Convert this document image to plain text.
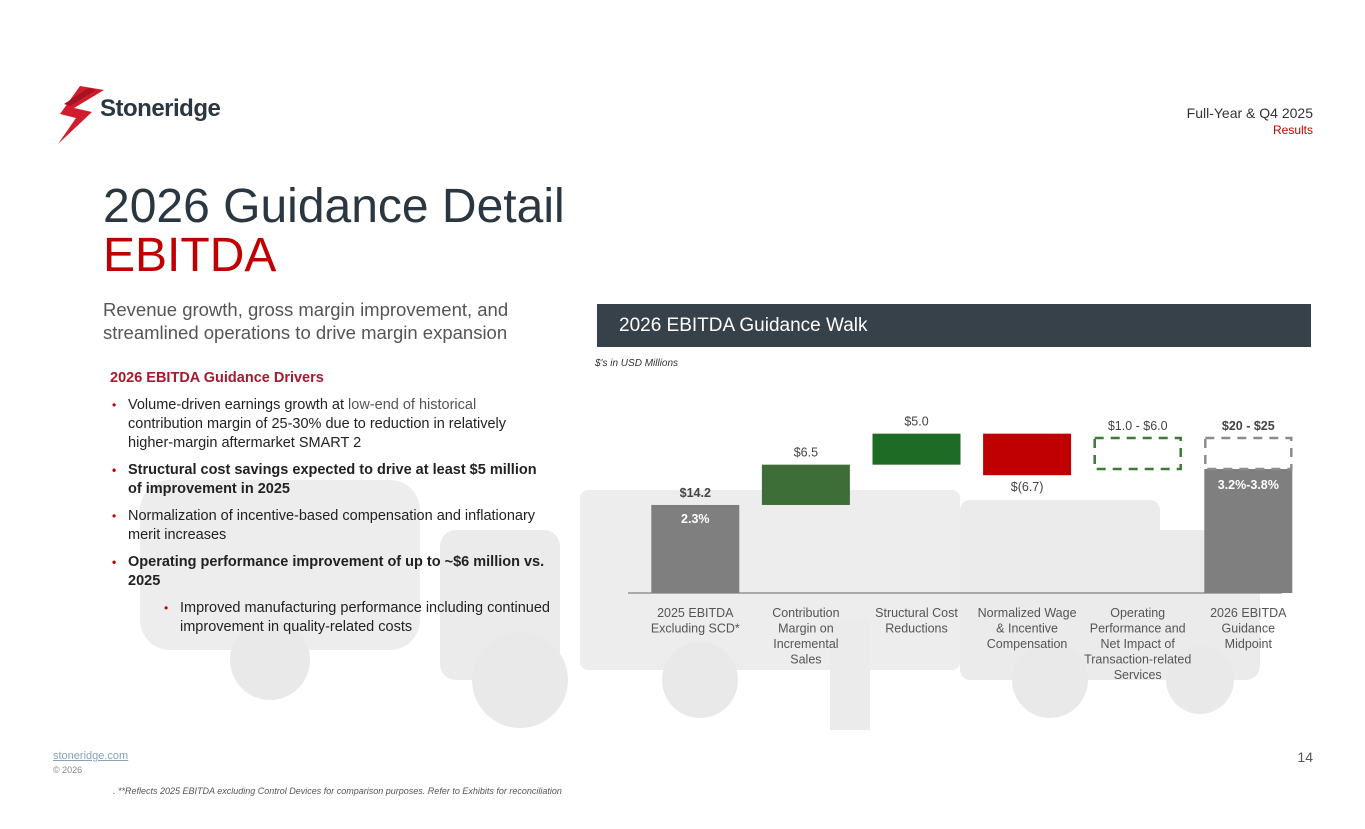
Stoneridge	Full-Year & Q4 2025
Results
2026 Guidance Detail
EBITDA
Revenue growth, gross margin improvement, and streamlined operations to drive margin expansion
2026 EBITDA Guidance Drivers
• Volume-driven earnings growth at low-end of historical contribution margin of 25-30% due to reduction in relatively higher-margin aftermarket SMART 2
• Structural cost savings expected to drive at least $5 million of improvement in 2025
• Normalization of incentive-based compensation and inflationary merit increases
• Operating performance improvement of up to ~$6 million vs. 2025
• Improved manufacturing performance including continued improvement in quality-related costs
2026 EBITDA Guidance Walk
$'s in USD Millions
$14.2
2.3%
2025 EBITDA
Excluding SCD*
$6.5
Contribution
Margin on
Incremental
Sales
$5.0
Structural Cost
Reductions
$(6.7)
Normalized Wage
& Incentive
Compensation
$1.0 - $6.0
Operating
Performance and
Net Impact of
Transaction-related
Services
$20 - $25
3.2%-3.8%
2026 EBITDA
Guidance
Midpoint
stoneridge.com
© 2026
14
. **Reflects 2025 EBITDA excluding Control Devices for comparison purposes. Refer to Exhibits for reconciliation
